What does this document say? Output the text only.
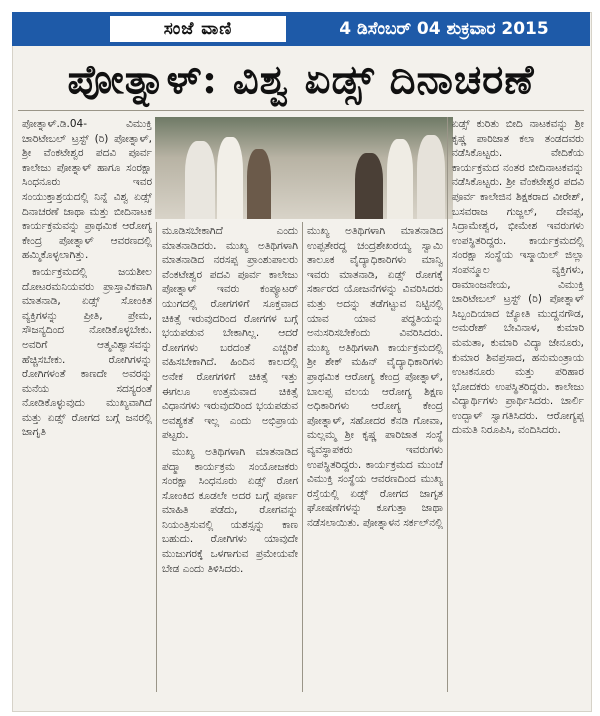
ಸಂಜೆ ವಾಣಿ	4 ಡಿಸೆಂಬರ್ 04 ಶುಕ್ರವಾರ 2015
ಪೋತ್ನಾಳ್: ವಿಶ್ವ ಏಡ್ಸ್ ದಿನಾಚರಣೆ

ಪೋತ್ನಾಳ್.ಡಿ.04- ವಿಮುಕ್ತಿ ಚಾರಿಟೇಬಲ್ ಟ್ರಸ್ಟ್ (ರಿ) ಪೋತ್ನಾಳ್, ಶ್ರೀ ವೆಂಕಟೇಶ್ವರ ಪದವಿ ಪೂರ್ವ ಕಾಲೇಜು ಪೋತ್ನಾಳ್ ಹಾಗೂ ಸಂರಕ್ಷಾ ಸಿಂಧನೂರು ಇವರ ಸಂಯುಕ್ತಾಶ್ರಯದಲ್ಲಿ ನಿನ್ನೆ ವಿಶ್ವ ಏಡ್ಸ್ ದಿನಾಚರಣೆ ಜಾಥಾ ಮತ್ತು ಬೀದಿನಾಟಕ ಕಾರ್ಯಕ್ರಮವನ್ನು ಪ್ರಾಥಮಿಕ ಆರೋಗ್ಯ ಕೇಂದ್ರ ಪೋತ್ನಾಳ್ ಆವರಣದಲ್ಲಿ ಹಮ್ಮಿಕೊಳ್ಳಲಾಗಿತ್ತು.

ಕಾರ್ಯಕ್ರಮದಲ್ಲಿ ಜಯಶೀಲ ದೋಟರಮನಿಯವರು ಪ್ರಾಸ್ತಾವಿಕವಾಗಿ ಮಾತನಾಡಿ, ಏಡ್ಸ್ ಸೋಂಕಿತ ವ್ಯಕ್ತಿಗಳನ್ನು ಪ್ರೀತಿ, ಪ್ರೇಮ, ಸೌಜನ್ಯದಿಂದ ನೋಡಿಕೊಳ್ಳಬೇಕು. ಅವರಿಗೆ ಆತ್ಮವಿಶ್ವಾಸವನ್ನು ಹೆಚ್ಚಿಸಬೇಕು. ರೋಗಿಗಳನ್ನು ರೋಗಿಗಳಂತೆ ಕಾಣದೇ ಅವರನ್ನು ಮನೆಯ ಸದಸ್ಯರಂತೆ ನೋಡಿಕೊಳ್ಳುವುದು ಮುಖ್ಯವಾಗಿದೆ ಮತ್ತು ಏಡ್ಸ್ ರೋಗದ ಬಗ್ಗೆ ಜನರಲ್ಲಿ ಜಾಗೃತಿ

ಮೂಡಿಸಬೇಕಾಗಿದೆ ಎಂದು ಮಾತನಾಡಿದರು. ಮುಖ್ಯ ಅತಿಥಿಗಳಾಗಿ ಮಾತನಾಡಿದ ನರಸಪ್ಪ ಪ್ರಾಂಶುಪಾಲರು ವೆಂಕಟೇಶ್ವರ ಪದವಿ ಪೂರ್ವ ಕಾಲೇಜು ಪೋತ್ನಾಳ್ ಇವರು ಕಂಪ್ಯೂಟರ್ ಯುಗದಲ್ಲಿ ರೋಗಗಳಿಗೆ ಸೂಕ್ತವಾದ ಚಿಕಿತ್ಸೆ ಇರುವುದರಿಂದ ರೋಗಗಳ ಬಗ್ಗೆ ಭಯಪಡುವ ಬೇಕಾಗಿಲ್ಲ. ಆದರೆ ರೋಗಗಳು ಬರದಂತೆ ಎಚ್ಚರಿಕೆ ವಹಿಸಬೇಕಾಗಿದೆ. ಹಿಂದಿನ ಕಾಲದಲ್ಲಿ ಅನೇಕ ರೋಗಗಳಿಗೆ ಚಿಕಿತ್ಸೆ ಇತ್ತು ಈಗಲೂ ಉತ್ತಮವಾದ ಚಿಕಿತ್ಸೆ ವಿಧಾನಗಳು ಇರುವುದರಿಂದ ಭಯಪಡುವ ಅವಶ್ಯಕತೆ ಇಲ್ಲ ಎಂದು ಅಭಿಪ್ರಾಯ ಪಟ್ಟರು.

ಮುಖ್ಯ ಅತಿಥಿಗಳಾಗಿ ಮಾತನಾಡಿದ ಪದ್ಮಾ ಕಾರ್ಯಕ್ರಮ ಸಂಯೋಜಕರು ಸಂರಕ್ಷಾ ಸಿಂಧನೂರು ಏಡ್ಸ್ ರೋಗ ಸೋಂಕಿದ ಕೂಡಲೇ ಅದರ ಬಗ್ಗೆ ಪೂರ್ಣ ಮಾಹಿತಿ ಪಡೆದು, ರೋಗವನ್ನು ನಿಯಂತ್ರಿಸುವಲ್ಲಿ ಯಶಸ್ಸನ್ನು ಕಾಣ ಬಹುದು. ರೋಗಿಗಳು ಯಾವುದೇ ಮುಜುಗರಕ್ಕೆ ಒಳಗಾಗುವ ಪ್ರಮೇಯವೇ ಬೇಡ ಎಂದು ತಿಳಿಸಿದರು.

ಮುಖ್ಯ ಅತಿಥಿಗಳಾಗಿ ಮಾತನಾಡಿದ ಉಪ್ಪತೇರದ್ದ ಚಂದ್ರಶೇಖರಯ್ಯ ಸ್ವಾಮಿ ತಾಲೂಕ ವೈದ್ಯಾಧಿಕಾರಿಗಳು ಮಾನ್ವಿ ಇವರು ಮಾತನಾಡಿ, ಏಡ್ಸ್ ರೋಗಕ್ಕೆ ಸರ್ಕಾರದ ಯೋಜನೆಗಳನ್ನು ವಿವರಿಸಿದರು ಮತ್ತು ಅದನ್ನು ತಡೆಗಟ್ಟುವ ನಿಟ್ಟಿನಲ್ಲಿ ಯಾವ ಯಾವ ಪದ್ಧತಿಯನ್ನು ಅನುಸರಿಸಬೇಕೆಂದು ವಿವರಿಸಿದರು. ಮುಖ್ಯ ಅತಿಥಿಗಳಾಗಿ ಕಾರ್ಯಕ್ರಮದಲ್ಲಿ ಶ್ರೀ ಶೇಕ್ ಮಹಿನ್ ವೈದ್ಯಾಧಿಕಾರಿಗಳು ಪ್ರಾಥಮಿಕ ಆರೋಗ್ಯ ಕೇಂದ್ರ ಪೋತ್ನಾಳ್, ಬಾಲಪ್ಪ ವಲಯ ಆರೋಗ್ಯ ಶಿಕ್ಷಣ ಅಧಿಕಾರಿಗಳು ಆರೋಗ್ಯ ಕೇಂದ್ರ ಪೋತ್ನಾಳ್, ಸಹೋದರ ಕೆನಡಿ ಗೋವಾ, ಮಲ್ಲಮ್ಮ ಶ್ರೀ ಕೃಷ್ಣ ಪಾರಿಜಾತ ಸಂಸ್ಥೆ ವ್ಯವಸ್ಥಾಪಕರು ಇವರುಗಳು ಉಪಸ್ಥಿತರಿದ್ದರು. ಕಾರ್ಯಕ್ರಮದ ಮುಂಚೆ ವಿಮುಕ್ತಿ ಸಂಸ್ಥೆಯ ಆವರಣದಿಂದ ಮುಖ್ಯ ರಸ್ತೆಯಲ್ಲಿ ಏಡ್ಸ್ ರೋಗದ ಜಾಗೃತ ಘೋಷಣೆಗಳನ್ನು ಕೂಗುತ್ತಾ ಜಾಥಾ ನಡೆಸಲಾಯಿತು. ಪೋತ್ನಾಳನ ಸರ್ಕಲ್‌ನಲ್ಲಿ

ಏಡ್ಸ್ ಕುರಿತು ಬೀದಿ ನಾಟಕವನ್ನು ಶ್ರೀ ಕೃಷ್ಣ ಪಾರಿಜಾತ ಕಲಾ ತಂಡದವರು ನಡೆಸಿಕೊಟ್ಟರು. ವೇದಿಕೆಯ ಕಾರ್ಯಕ್ರಮದ ನಂತರ ಬೀದಿನಾಟಕವನ್ನು ನಡೆಸಿಕೊಟ್ಟರು. ಶ್ರೀ ವೆಂಕಟೇಶ್ವರ ಪದವಿ ಪೂರ್ವ ಕಾಲೇಜಿನ ಶಿಕ್ಷಕರಾದ ವೀರೇಶ್, ಬಸವರಾಜ ಗುಜ್ಜಲ್, ದೇವಪ್ಪ, ಸಿದ್ರಾಮೇಶ್ವರ, ಭೀಮೇಶ ಇವರುಗಳು ಉಪಸ್ಥಿತರಿದ್ದರು. ಕಾರ್ಯಕ್ರಮದಲ್ಲಿ ಸಂರಕ್ಷಾ ಸಂಸ್ಥೆಯ ಇಸ್ಮಾಯಿಲ್ ಜಿಲ್ಲಾ ಸಂಪನ್ಮೂಲ ವ್ಯಕ್ತಿಗಳು, ರಾಮಾಂಜನೇಯ, ವಿಮುಕ್ತಿ ಚಾರಿಟೇಬಲ್ ಟ್ರಸ್ಟ್ (ರಿ) ಪೋತ್ನಾಳ್ ಸಿಬ್ಬಂದಿಯಾದ ಜ್ಯೋತಿ ಮುದ್ದನಗೌಡ, ಅಮರೇಶ್ ಬೇವಿನಾಳ, ಕುಮಾರಿ ಮಮತಾ, ಕುಮಾರಿ ವಿದ್ಯಾ ಜೇನೂರು, ಕುಮಾರ ಶಿವಪ್ರಸಾದ, ಹನುಮಂತ್ರಾಯ ಉಟಕನೂರು ಮತ್ತು ಪರಿಹಾರ ಭೋದಕರು ಉಪಸ್ಥಿತರಿದ್ದರು. ಕಾಲೇಜು ವಿದ್ಯಾರ್ಥಿಗಳು ಪ್ರಾರ್ಥಿಸಿದರು. ಚಾರ್ಲಿ ಉದ್ಬಾಳ್ ಸ್ವಾಗತಿಸಿದರು. ಆರೋಗ್ಯಪ್ಪ ದುಮತಿ ನಿರೂಪಿಸಿ, ವಂದಿಸಿದರು.
